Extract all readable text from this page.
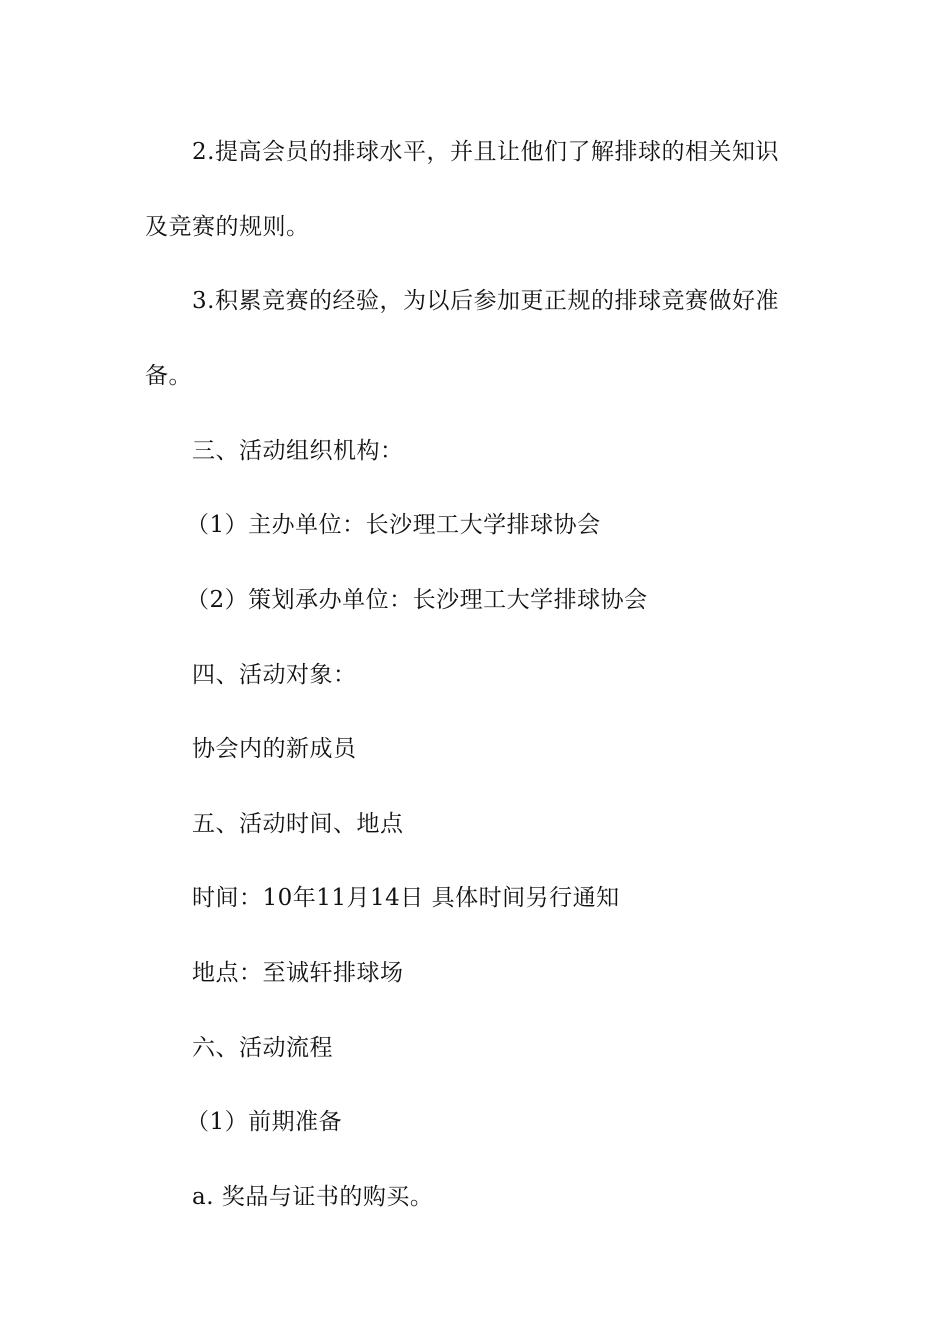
2.提高会员的排球水平，并且让他们了解排球的相关知识
及竞赛的规则。
3.积累竞赛的经验，为以后参加更正规的排球竞赛做好准
备。
三、活动组织机构：
（1）主办单位：长沙理工大学排球协会
（2）策划承办单位：长沙理工大学排球协会
四、活动对象：
协会内的新成员
五、活动时间、地点
时间：10年11月14日 具体时间另行通知
地点：至诚轩排球场
六、活动流程
（1）前期准备
a. 奖品与证书的购买。
